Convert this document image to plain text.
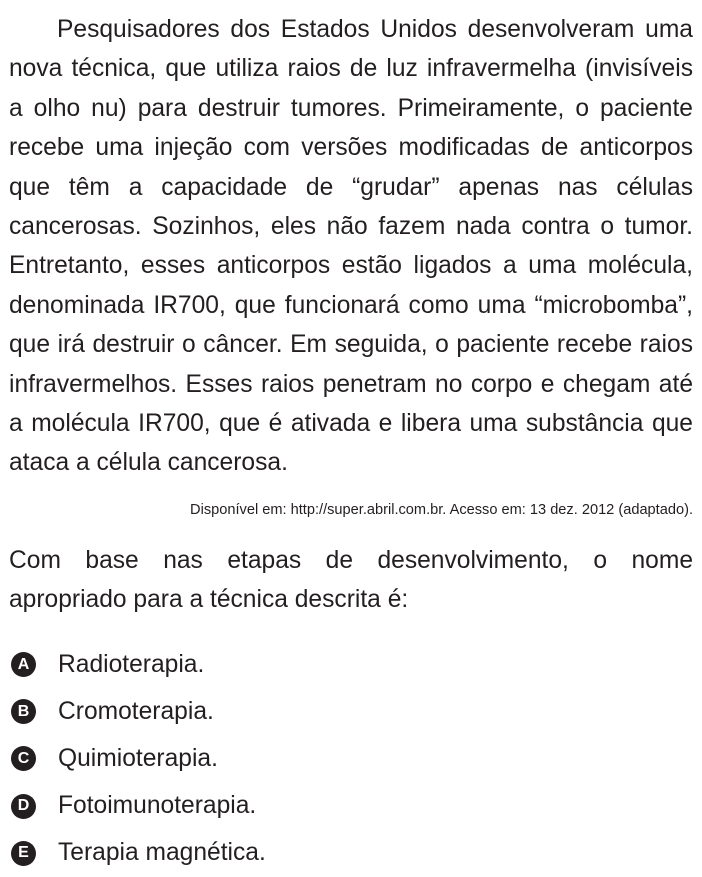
Pesquisadores dos Estados Unidos desenvolveram uma nova técnica, que utiliza raios de luz infravermelha (invisíveis a olho nu) para destruir tumores. Primeiramente, o paciente recebe uma injeção com versões modificadas de anticorpos que têm a capacidade de “grudar” apenas nas células cancerosas. Sozinhos, eles não fazem nada contra o tumor. Entretanto, esses anticorpos estão ligados a uma molécula, denominada IR700, que funcionará como uma “microbomba”, que irá destruir o câncer. Em seguida, o paciente recebe raios infravermelhos. Esses raios penetram no corpo e chegam até a molécula IR700, que é ativada e libera uma substância que ataca a célula cancerosa.

Disponível em: http://super.abril.com.br. Acesso em: 13 dez. 2012 (adaptado).

Com base nas etapas de desenvolvimento, o nome apropriado para a técnica descrita é:

A Radioterapia.
B Cromoterapia.
C Quimioterapia.
D Fotoimunoterapia.
E Terapia magnética.
